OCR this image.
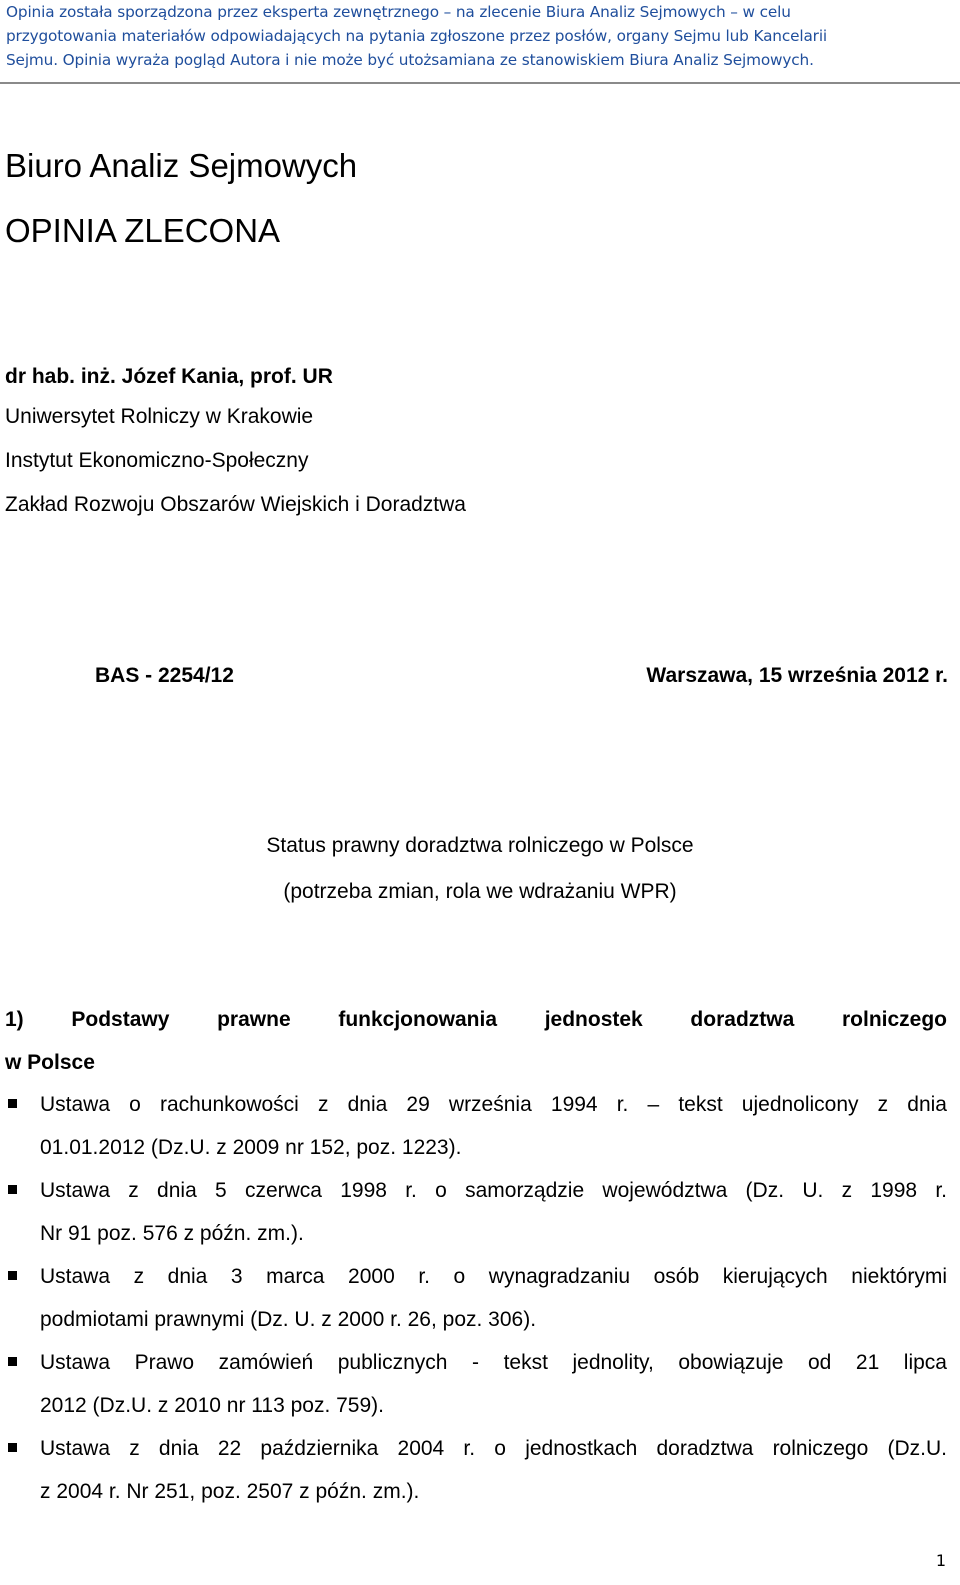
Opinia została sporządzona przez eksperta zewnętrznego – na zlecenie Biura Analiz Sejmowych – w celu
przygotowania materiałów odpowiadających na pytania zgłoszone przez posłów, organy Sejmu lub Kancelarii
Sejmu. Opinia wyraża pogląd Autora i nie może być utożsamiana ze stanowiskiem Biura Analiz Sejmowych.
Biuro Analiz Sejmowych
OPINIA ZLECONA
dr hab. inż. Józef Kania, prof. UR
Uniwersytet Rolniczy w Krakowie
Instytut Ekonomiczno-Społeczny
Zakład Rozwoju Obszarów Wiejskich i Doradztwa
BAS - 2254/12	Warszawa, 15 września 2012 r.
Status prawny doradztwa rolniczego w Polsce
(potrzeba zmian, rola we wdrażaniu WPR)
1) Podstawy prawne funkcjonowania jednostek doradztwa rolniczego
w Polsce
Ustawa o rachunkowości z dnia 29 września 1994 r. – tekst ujednolicony z dnia
01.01.2012 (Dz.U. z 2009 nr 152, poz. 1223).
Ustawa z dnia 5 czerwca 1998 r. o samorządzie województwa (Dz. U. z 1998 r.
Nr 91 poz. 576 z późn. zm.).
Ustawa z dnia 3 marca 2000 r. o wynagradzaniu osób kierujących niektórymi
podmiotami prawnymi (Dz. U. z 2000 r. 26, poz. 306).
Ustawa Prawo zamówień publicznych - tekst jednolity, obowiązuje od 21 lipca
2012 (Dz.U. z 2010 nr 113 poz. 759).
Ustawa z dnia 22 października 2004 r. o jednostkach doradztwa rolniczego (Dz.U.
z 2004 r. Nr 251, poz. 2507 z późn. zm.).
1
